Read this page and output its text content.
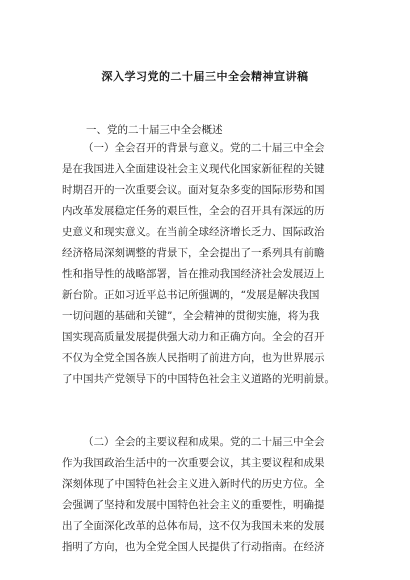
深入学习党的二十届三中全会精神宣讲稿
一、党的二十届三中全会概述
（一）全会召开的背景与意义。党的二十届三中全会
是在我国进入全面建设社会主义现代化国家新征程的关键
时期召开的一次重要会议。面对复杂多变的国际形势和国
内改革发展稳定任务的艰巨性，全会的召开具有深远的历
史意义和现实意义。在当前全球经济增长乏力、国际政治
经济格局深刻调整的背景下，全会提出了一系列具有前瞻
性和指导性的战略部署，旨在推动我国经济社会发展迈上
新台阶。正如习近平总书记所强调的，“发展是解决我国
一切问题的基础和关键”，全会精神的贯彻实施，将为我
国实现高质量发展提供强大动力和正确方向。全会的召开
不仅为全党全国各族人民指明了前进方向，也为世界展示
了中国共产党领导下的中国特色社会主义道路的光明前景。
（二）全会的主要议程和成果。党的二十届三中全会
作为我国政治生活中的一次重要会议，其主要议程和成果
深刻体现了中国特色社会主义进入新时代的历史方位。全
会强调了坚持和发展中国特色社会主义的重要性，明确提
出了全面深化改革的总体布局，这不仅为我国未来的发展
指明了方向，也为全党全国人民提供了行动指南。在经济
